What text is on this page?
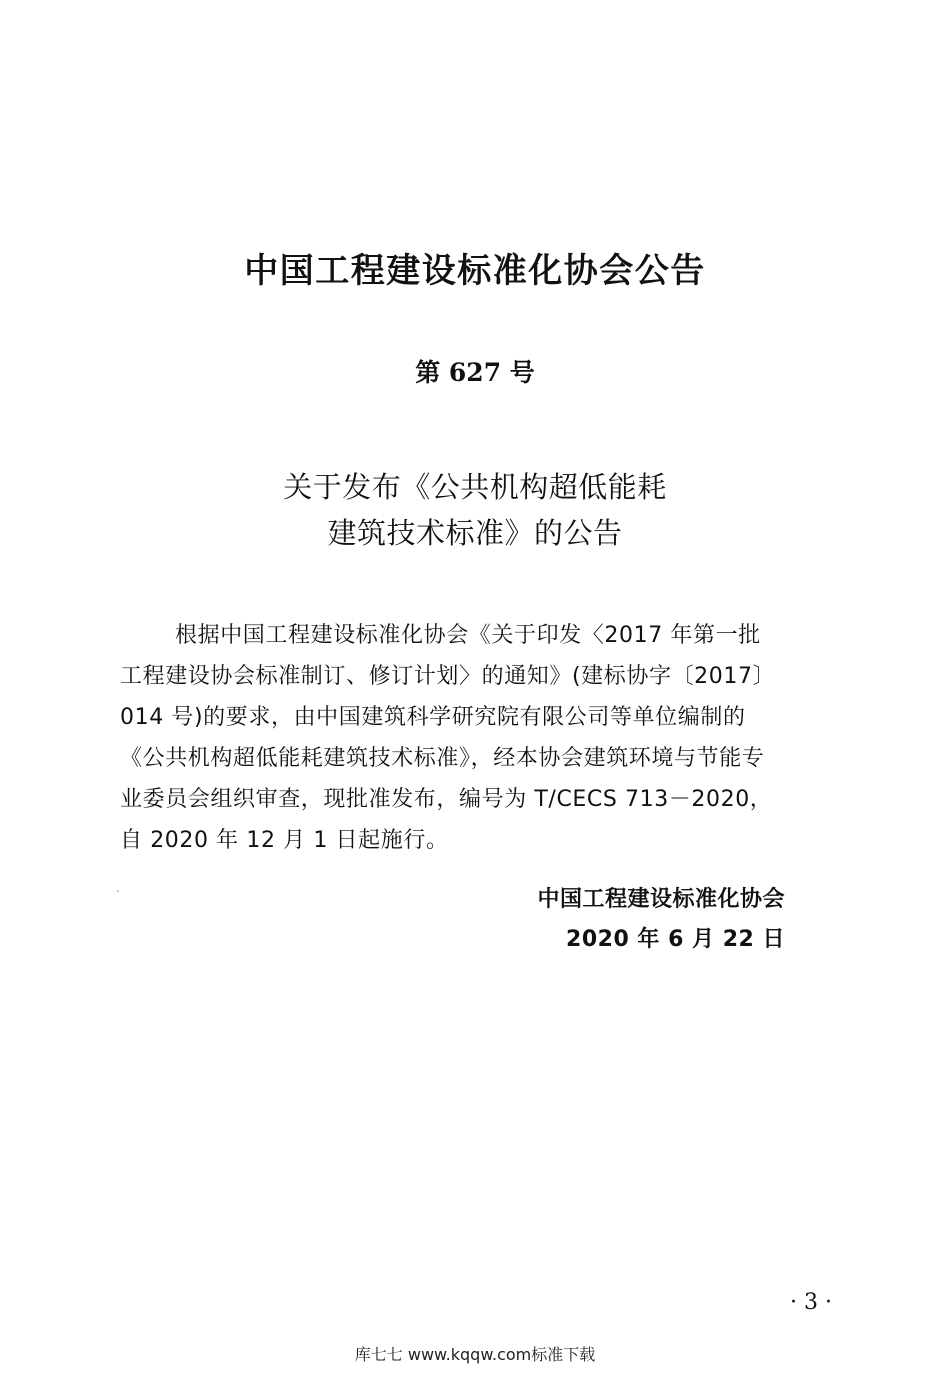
中国工程建设标准化协会公告
第 627 号
关于发布《公共机构超低能耗
建筑技术标准》的公告
根据中国工程建设标准化协会《关于印发〈2017 年第一批
工程建设协会标准制订、修订计划〉的通知》(建标协字〔2017〕
014 号)的要求，由中国建筑科学研究院有限公司等单位编制的
《公共机构超低能耗建筑技术标准》，经本协会建筑环境与节能专
业委员会组织审查，现批准发布，编号为 T/CECS 713－2020，
自 2020 年 12 月 1 日起施行。
中国工程建设标准化协会
2020 年 6 月 22 日
· 3 ·
库七七 www.kqqw.com标准下载
